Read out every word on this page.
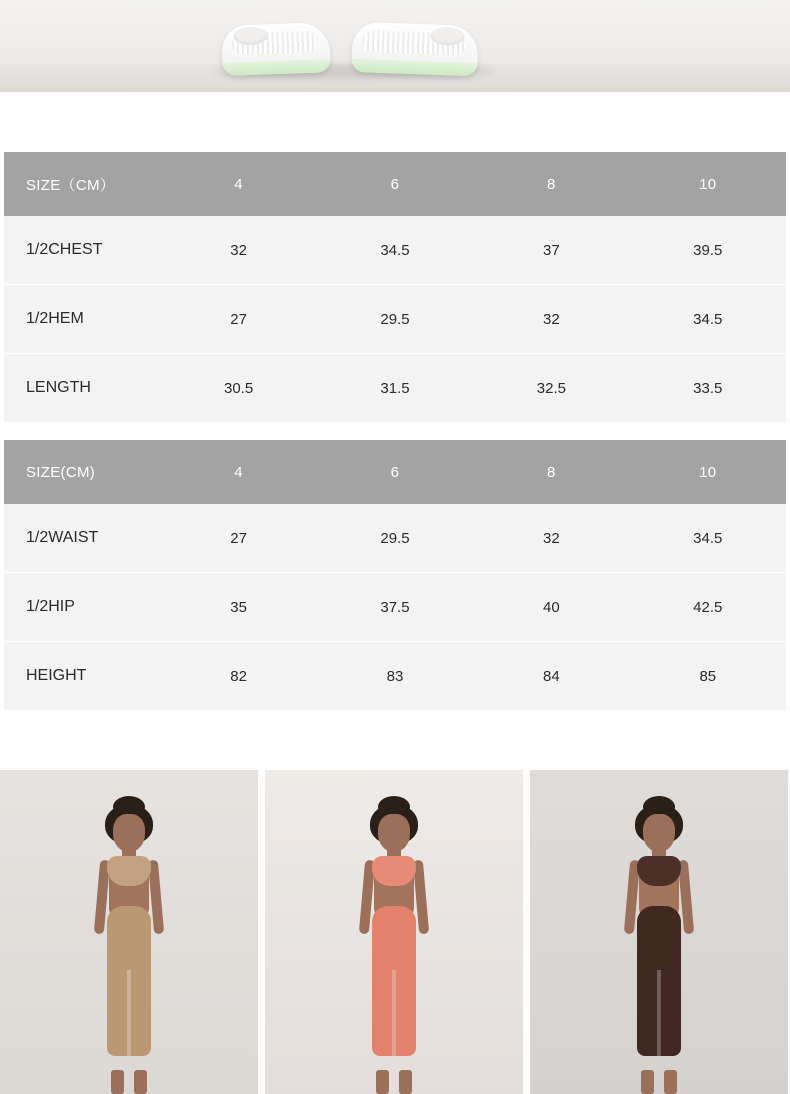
SIZE（CM）	4	6	8	10
1/2CHEST	32	34.5	37	39.5
1/2HEM	27	29.5	32	34.5
LENGTH	30.5	31.5	32.5	33.5
SIZE(CM)	4	6	8	10
1/2WAIST	27	29.5	32	34.5
1/2HIP	35	37.5	40	42.5
HEIGHT	82	83	84	85
